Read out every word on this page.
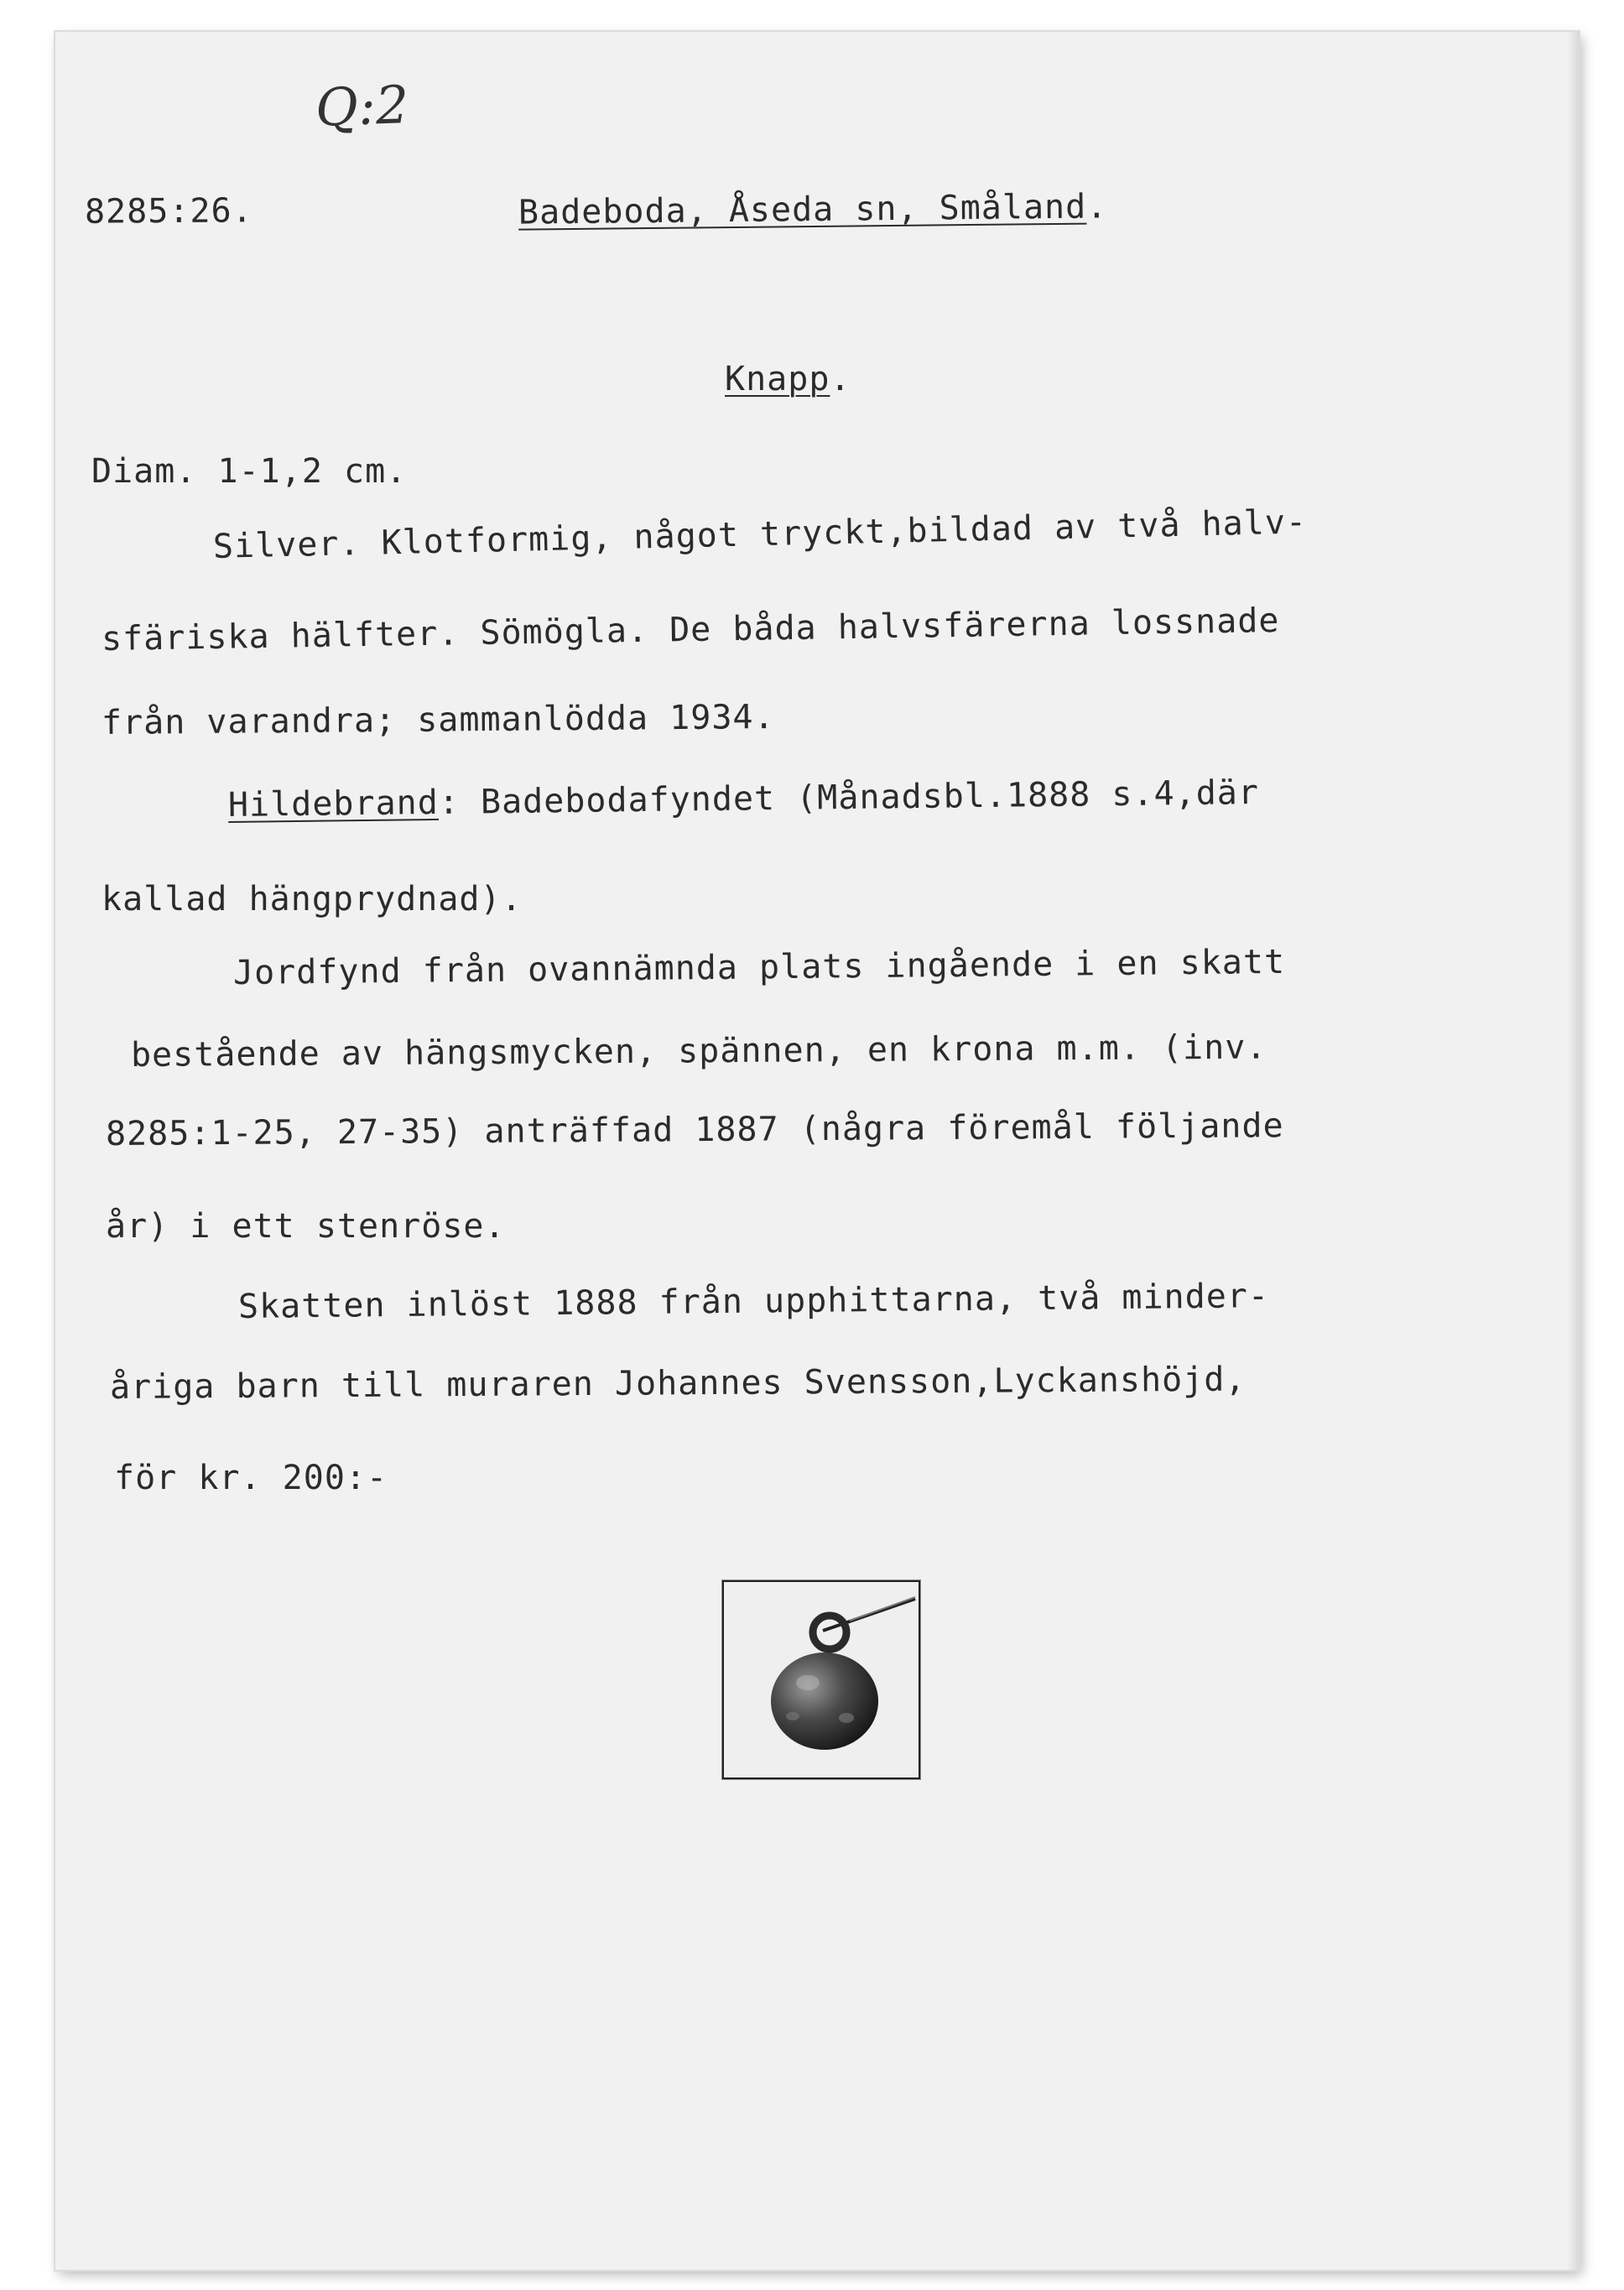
Q:2
8285:26.	Badeboda, Åseda sn, Småland.
Knapp.
Diam. 1-1,2 cm.
Silver. Klotformig, något tryckt,bildad av två halv-
sfäriska hälfter. Sömögla. De båda halvsfärerna lossnade
från varandra; sammanlödda 1934.
Hildebrand: Badebodafyndet (Månadsbl.1888 s.4,där
kallad hängprydnad).
Jordfynd från ovannämnda plats ingående i en skatt
bestående av hängsmycken, spännen, en krona m.m. (inv.
8285:1-25, 27-35) anträffad 1887 (några föremål följande
år) i ett stenröse.
Skatten inlöst 1888 från upphittarna, två minder-
åriga barn till muraren Johannes Svensson,Lyckanshöjd,
för kr. 200:-
